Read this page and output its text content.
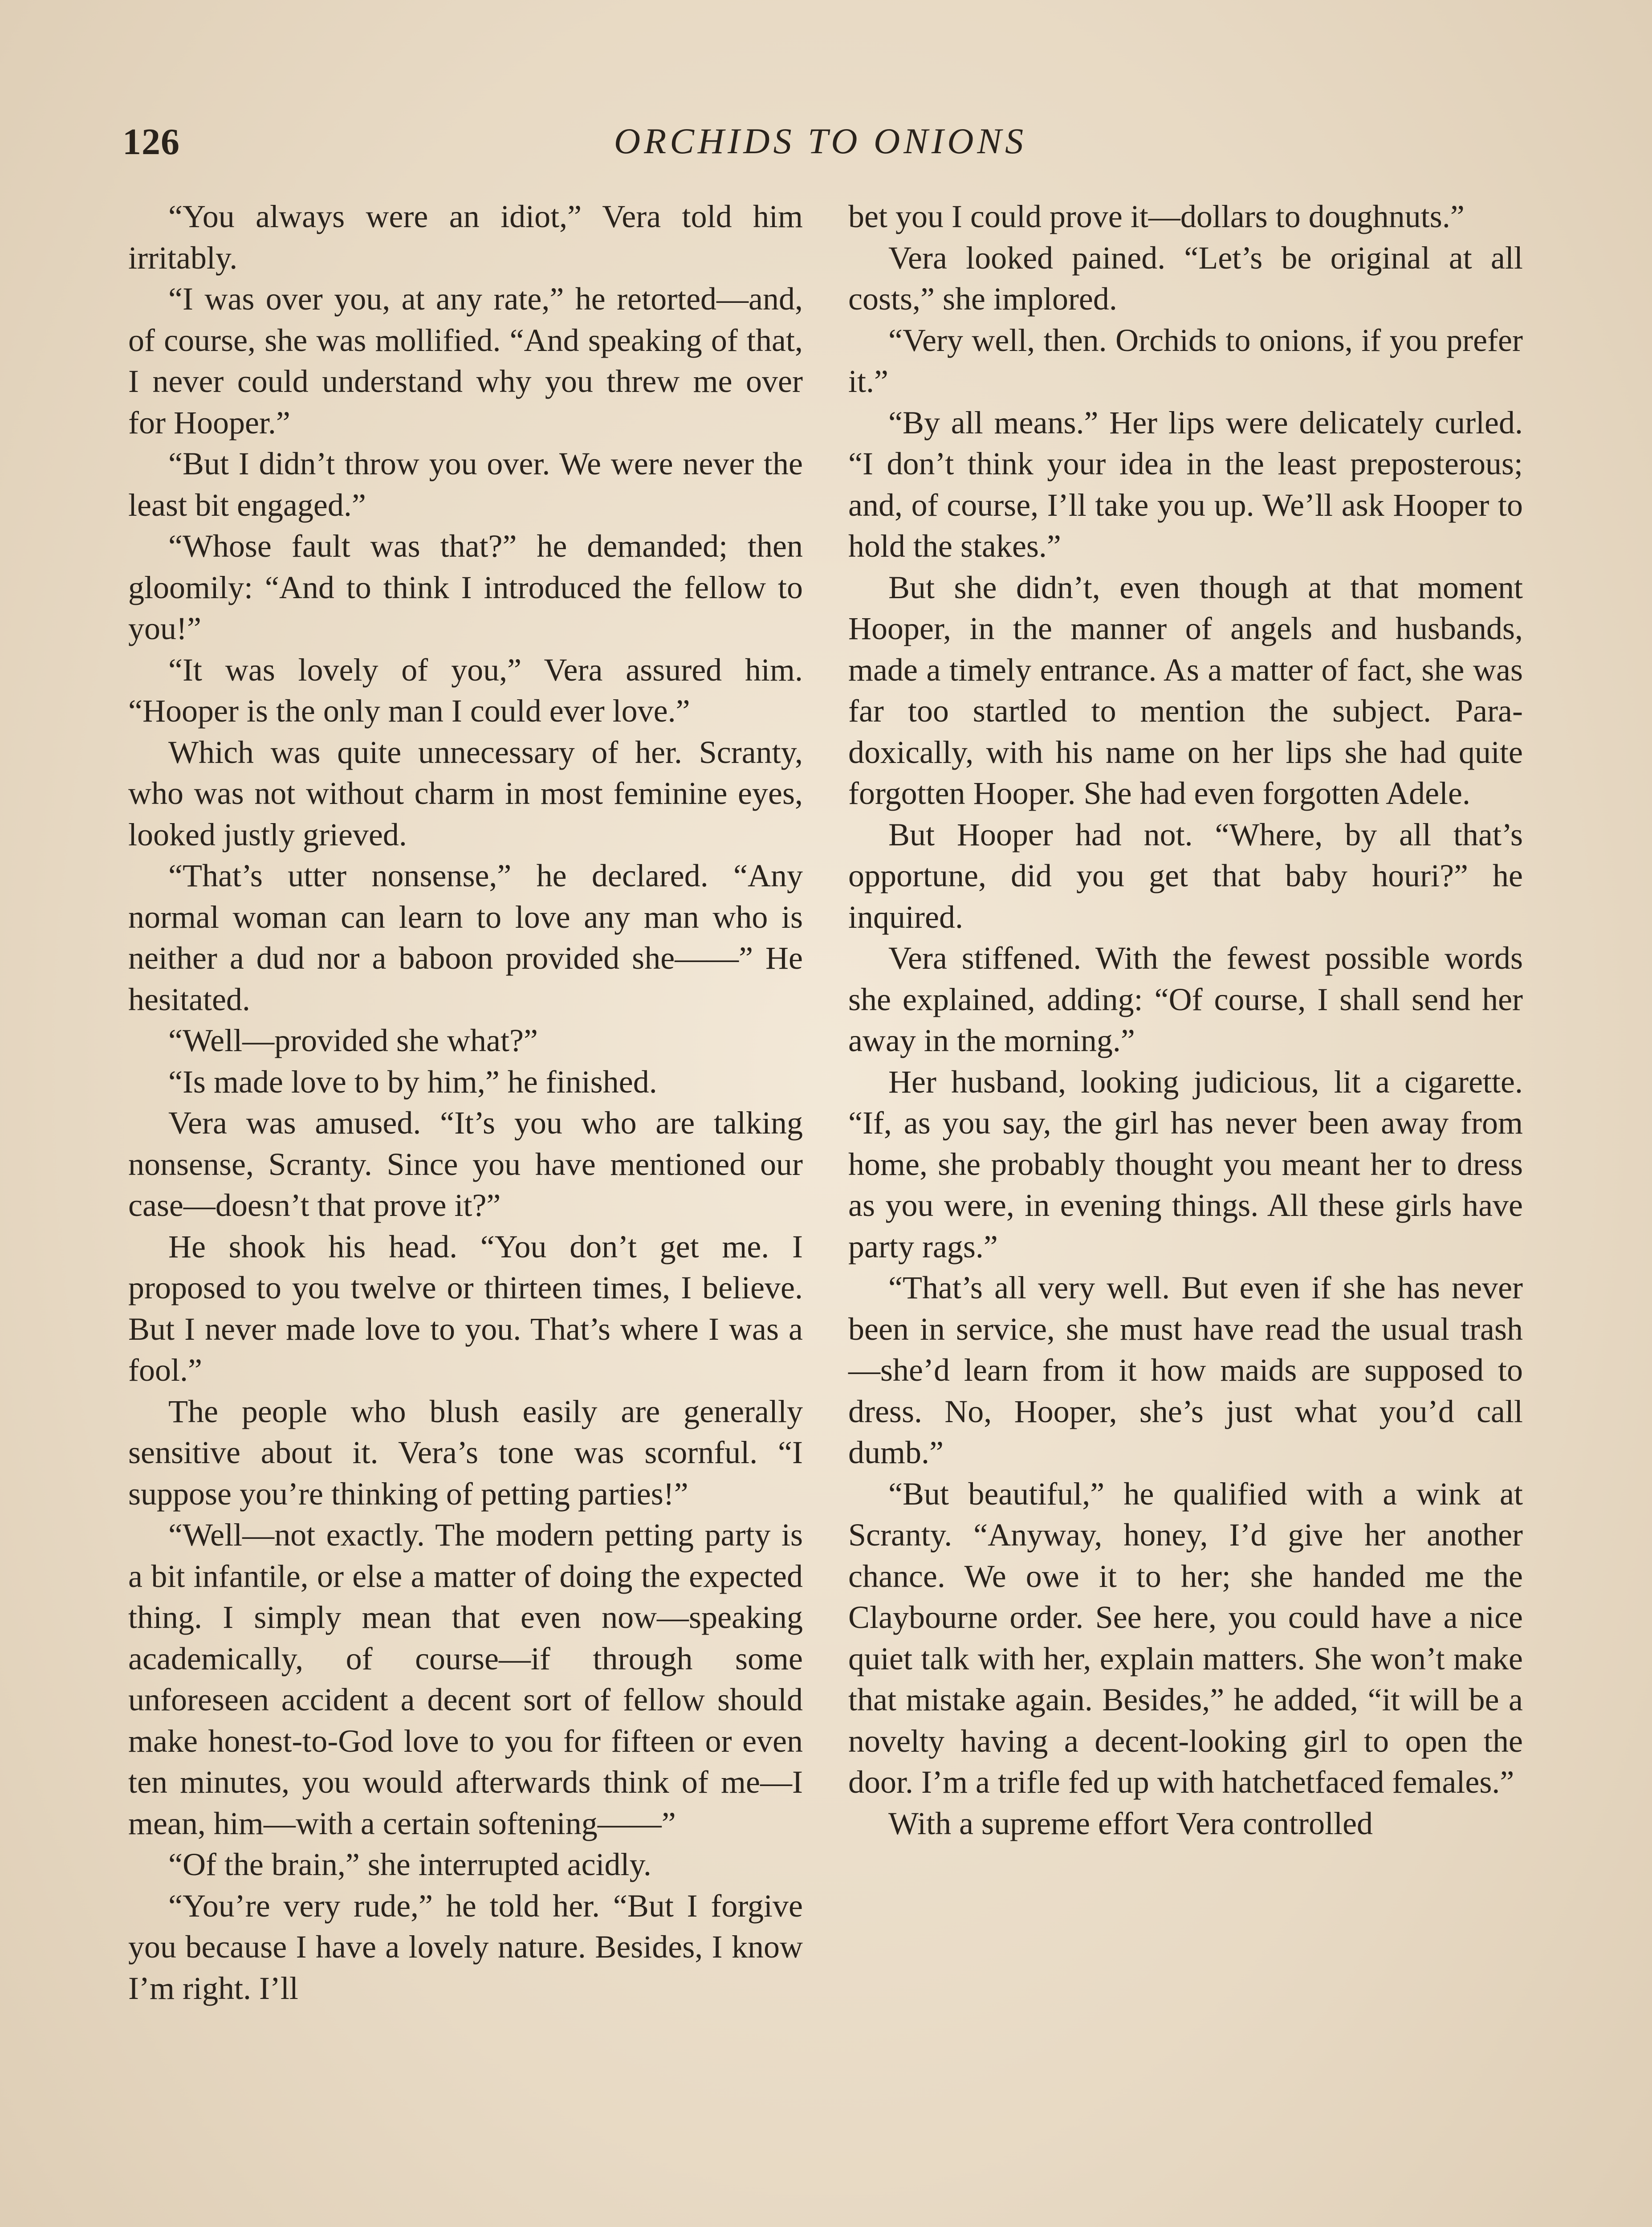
126	ORCHIDS TO ONIONS

“You always were an idiot,” Vera told him irritably.

“I was over you, at any rate,” he retorted—and, of course, she was mollified. “And speaking of that, I never could understand why you threw me over for Hooper.”

“But I didn’t throw you over. We were never the least bit engaged.”

“Whose fault was that?” he demanded; then gloomily: “And to think I introduced the fellow to you!”

“It was lovely of you,” Vera assured him. “Hooper is the only man I could ever love.”

Which was quite unnecessary of her. Scranty, who was not without charm in most feminine eyes, looked justly grieved.

“That’s utter nonsense,” he declared. “Any normal woman can learn to love any man who is neither a dud nor a baboon provided she——” He hesitated.

“Well—provided she what?”

“Is made love to by him,” he finished.

Vera was amused. “It’s you who are talking nonsense, Scranty. Since you have mentioned our case—doesn’t that prove it?”

He shook his head. “You don’t get me. I proposed to you twelve or thirteen times, I believe. But I never made love to you. That’s where I was a fool.”

The people who blush easily are generally sensitive about it. Vera’s tone was scornful. “I suppose you’re thinking of petting parties!”

“Well—not exactly. The modern petting party is a bit infantile, or else a matter of doing the expected thing. I simply mean that even now—speaking academically, of course—if through some unforeseen accident a decent sort of fellow should make honest-to-God love to you for fifteen or even ten minutes, you would afterwards think of me—I mean, him—with a certain softening——”

“Of the brain,” she interrupted acidly.

“You’re very rude,” he told her. “But I forgive you because I have a lovely nature. Besides, I know I’m right. I’ll

bet you I could prove it—dollars to doughnuts.”

Vera looked pained. “Let’s be original at all costs,” she implored.

“Very well, then. Orchids to onions, if you prefer it.”

“By all means.” Her lips were delicately curled. “I don’t think your idea in the least preposterous; and, of course, I’ll take you up. We’ll ask Hooper to hold the stakes.”

But she didn’t, even though at that moment Hooper, in the manner of angels and husbands, made a timely entrance. As a matter of fact, she was far too startled to mention the subject. Paradoxically, with his name on her lips she had quite forgotten Hooper. She had even forgotten Adele.

But Hooper had not. “Where, by all that’s opportune, did you get that baby houri?” he inquired.

Vera stiffened. With the fewest possible words she explained, adding: “Of course, I shall send her away in the morning.”

Her husband, looking judicious, lit a cigarette. “If, as you say, the girl has never been away from home, she probably thought you meant her to dress as you were, in evening things. All these girls have party rags.”

“That’s all very well. But even if she has never been in service, she must have read the usual trash—she’d learn from it how maids are supposed to dress. No, Hooper, she’s just what you’d call dumb.”

“But beautiful,” he qualified with a wink at Scranty. “Anyway, honey, I’d give her another chance. We owe it to her; she handed me the Claybourne order. See here, you could have a nice quiet talk with her, explain matters. She won’t make that mistake again. Besides,” he added, “it will be a novelty having a decent-looking girl to open the door. I’m a trifle fed up with hatchetfaced females.”

With a supreme effort Vera controlled
